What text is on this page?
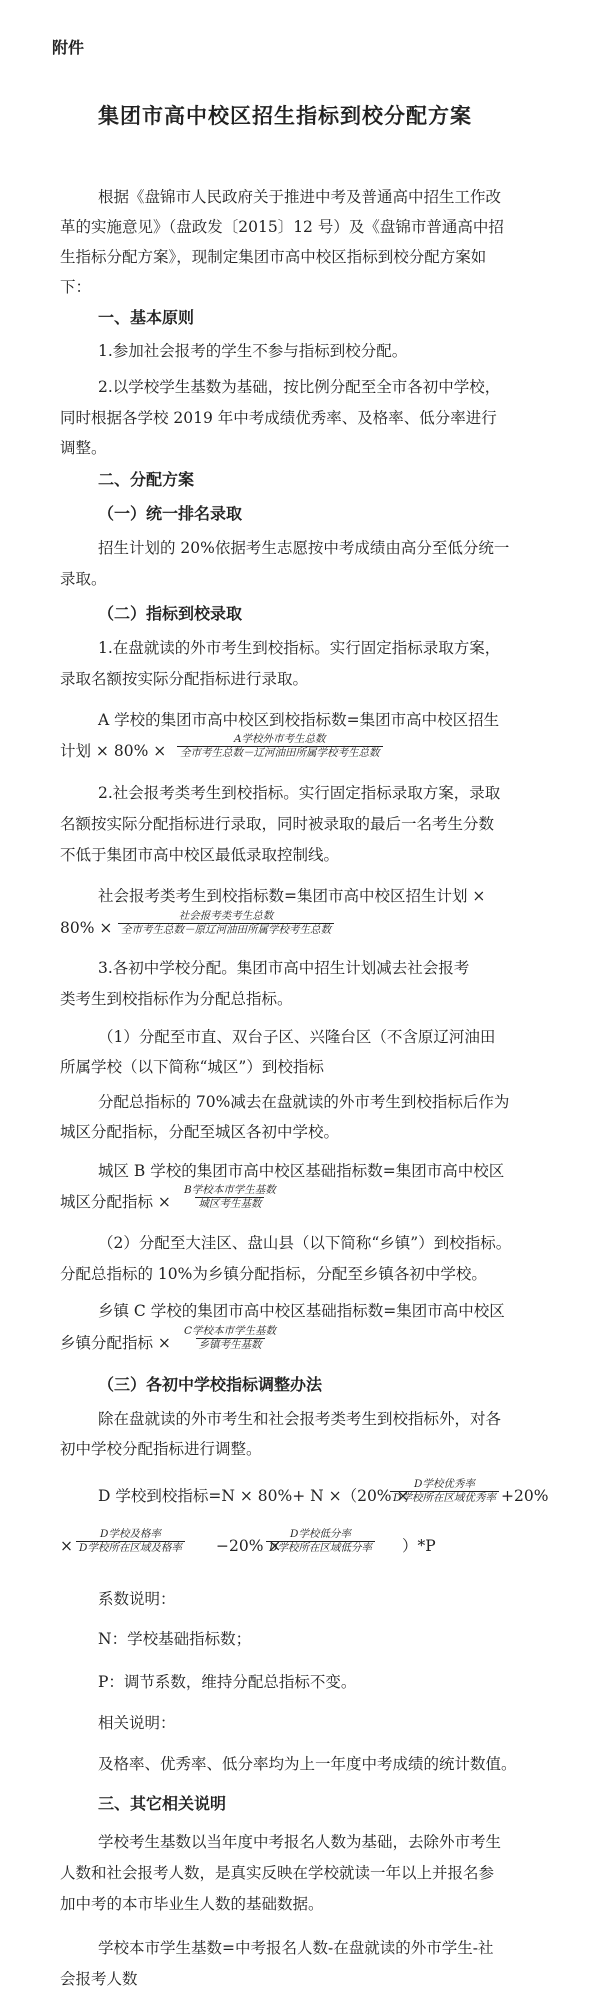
附件
集团市高中校区招生指标到校分配方案
根据《盘锦市人民政府关于推进中考及普通高中招生工作改
革的实施意见》（盘政发〔2015〕12 号）及《盘锦市普通高中招
生指标分配方案》，现制定集团市高中校区指标到校分配方案如
下：
一、基本原则
1.参加社会报考的学生不参与指标到校分配。
2.以学校学生基数为基础，按比例分配至全市各初中学校，
同时根据各学校 2019 年中考成绩优秀率、及格率、低分率进行
调整。
二、分配方案
（一）统一排名录取
招生计划的 20%依据考生志愿按中考成绩由高分至低分统一
录取。
（二）指标到校录取
1.在盘就读的外市考生到校指标。实行固定指标录取方案，
录取名额按实际分配指标进行录取。
A 学校的集团市高中校区到校指标数=集团市高中校区招生
计划 × 80% ×
A学校外市考生总数
全市考生总数－辽河油田所属学校考生总数
2.社会报考类考生到校指标。实行固定指标录取方案，录取
名额按实际分配指标进行录取，同时被录取的最后一名考生分数
不低于集团市高中校区最低录取控制线。
社会报考类考生到校指标数=集团市高中校区招生计划 ×
80% ×
社会报考类考生总数
全市考生总数－原辽河油田所属学校考生总数
3.各初中学校分配。集团市高中招生计划减去社会报考
类考生到校指标作为分配总指标。
（1）分配至市直、双台子区、兴隆台区（不含原辽河油田
所属学校（以下简称“城区”）到校指标
分配总指标的 70%减去在盘就读的外市考生到校指标后作为
城区分配指标，分配至城区各初中学校。
城区 B 学校的集团市高中校区基础指标数=集团市高中校区
城区分配指标 ×
B学校本市学生基数
城区考生基数
（2）分配至大洼区、盘山县（以下简称“乡镇”）到校指标。
分配总指标的 10%为乡镇分配指标，分配至乡镇各初中学校。
乡镇 C 学校的集团市高中校区基础指标数=集团市高中校区
乡镇分配指标 ×
C学校本市学生基数
乡镇考生基数
（三）各初中学校指标调整办法
除在盘就读的外市考生和社会报考类考生到校指标外，对各
初中学校分配指标进行调整。
D 学校到校指标=N × 80%+ N ×（20% ×
D学校优秀率
D学校所在区域优秀率 +20%
×
D学校及格率
D学校所在区域及格率 −20% ×
D学校低分率
D学校所在区域低分率 ）*P
系数说明：
N：学校基础指标数；
P：调节系数，维持分配总指标不变。
相关说明：
及格率、优秀率、低分率均为上一年度中考成绩的统计数值。
三、其它相关说明
学校考生基数以当年度中考报名人数为基础，去除外市考生
人数和社会报考人数，是真实反映在学校就读一年以上并报名参
加中考的本市毕业生人数的基础数据。
学校本市学生基数=中考报名人数-在盘就读的外市学生-社
会报考人数
